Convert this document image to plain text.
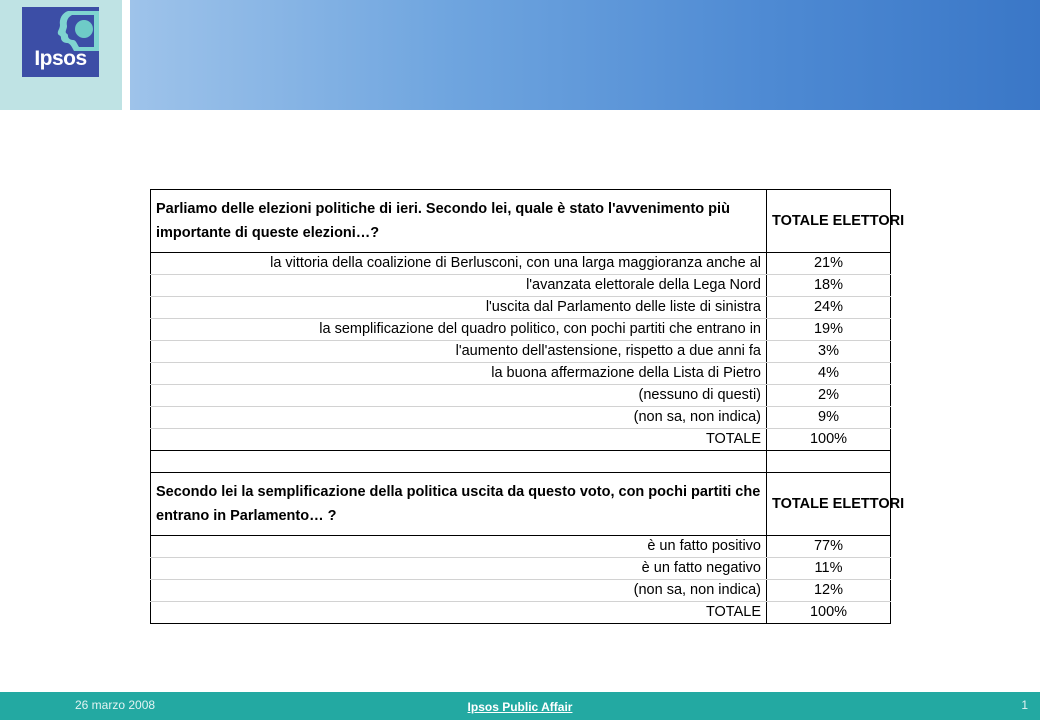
Ipsos
Parliamo delle elezioni politiche di ieri. Secondo lei, quale è stato l'avvenimento più importante di queste elezioni…?	TOTALE ELETTORI
la vittoria della coalizione di Berlusconi, con una larga maggioranza anche al	21%
l'avanzata elettorale della Lega Nord	18%
l'uscita dal Parlamento delle liste di sinistra	24%
la semplificazione del quadro politico, con pochi partiti che entrano in	19%
l'aumento dell'astensione, rispetto a due anni fa	3%
la buona affermazione della Lista di Pietro	4%
(nessuno di questi)	2%
(non sa, non indica)	9%
TOTALE	100%

Secondo lei la semplificazione della politica uscita da questo voto, con pochi partiti che entrano in Parlamento… ?	TOTALE ELETTORI
è un fatto positivo	77%
è un fatto negativo	11%
(non sa, non indica)	12%
TOTALE	100%
26 marzo 2008	Ipsos Public Affair	1
